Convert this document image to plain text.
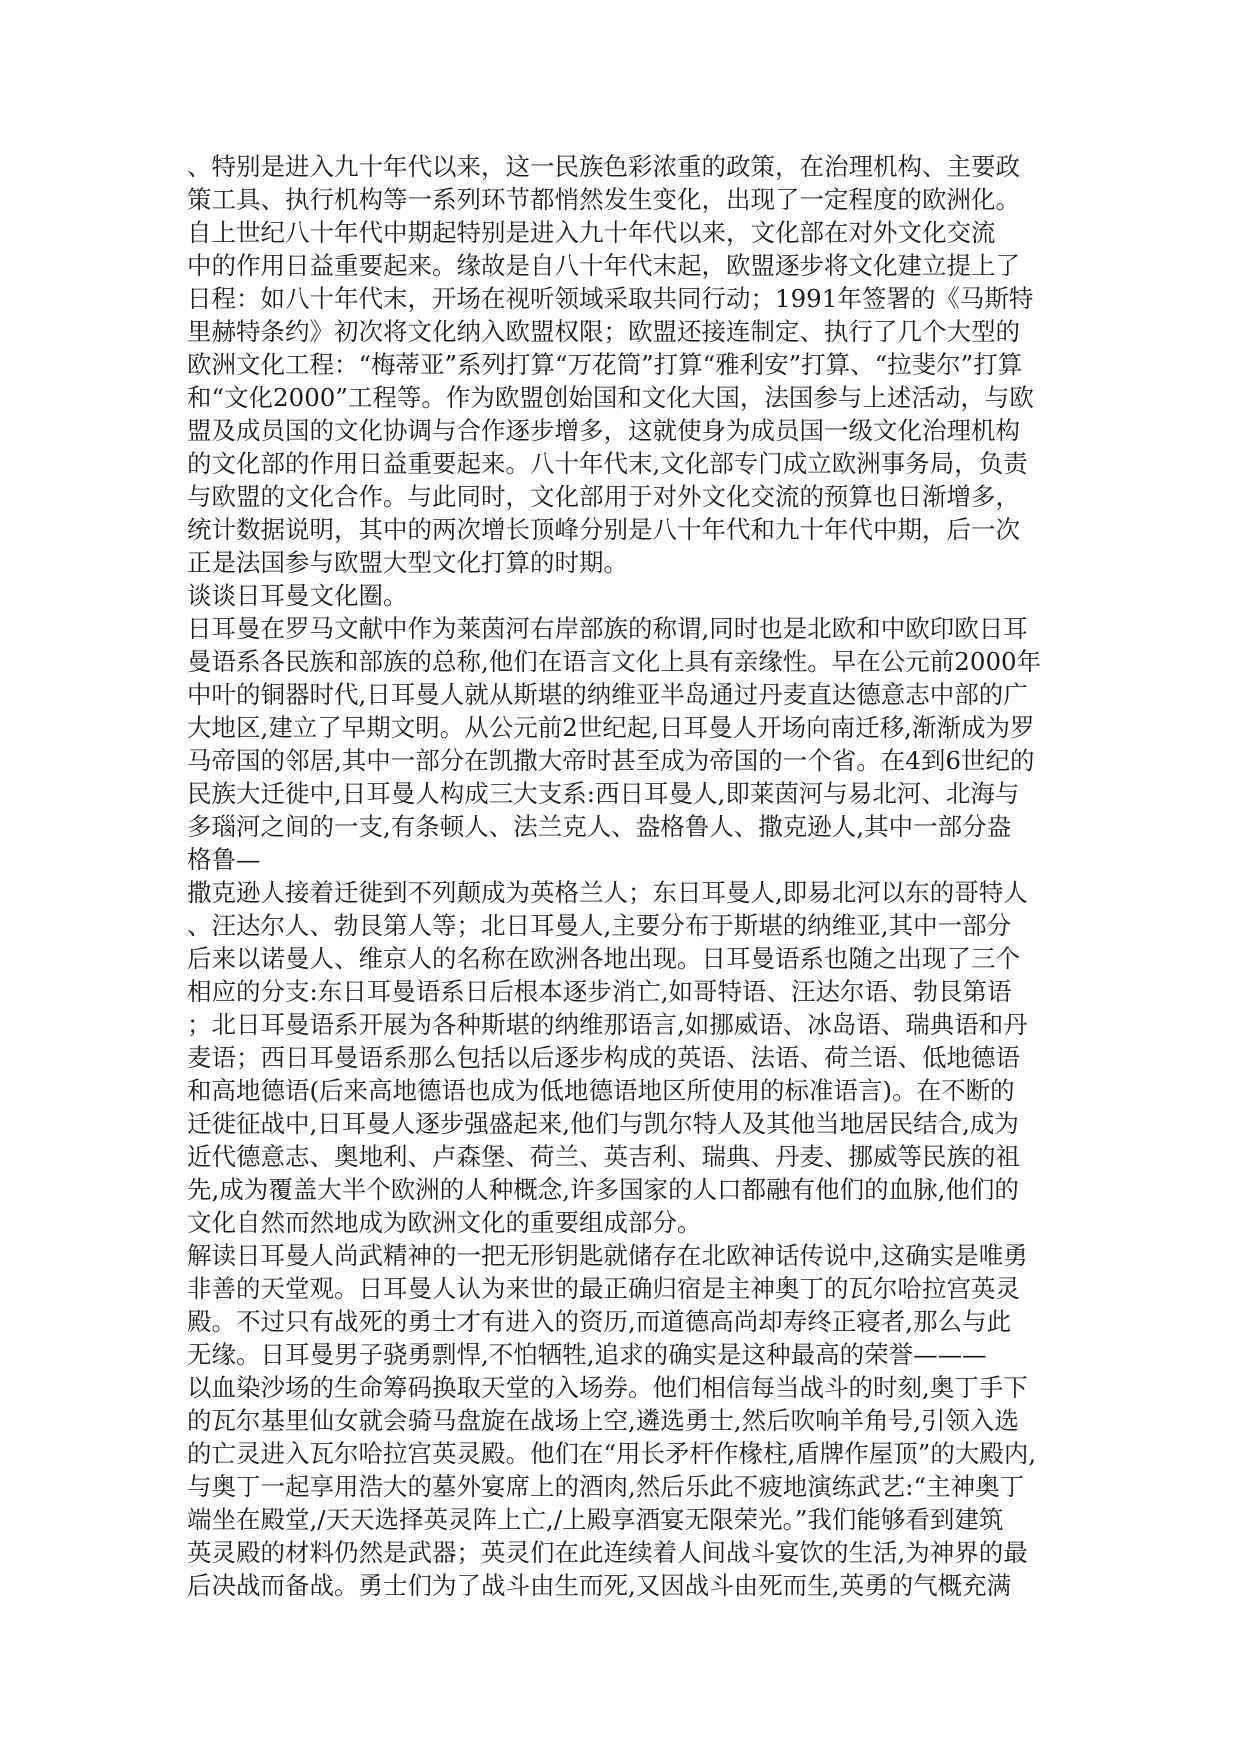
、特别是进入九十年代以来，这一民族色彩浓重的政策，在治理机构、主要政
策工具、执行机构等一系列环节都悄然发生变化，出现了一定程度的欧洲化。
自上世纪八十年代中期起特别是进入九十年代以来，文化部在对外文化交流
中的作用日益重要起来。缘故是自八十年代末起，欧盟逐步将文化建立提上了
日程：如八十年代末，开场在视听领域采取共同行动；1991年签署的《马斯特
里赫特条约》初次将文化纳入欧盟权限；欧盟还接连制定、执行了几个大型的
欧洲文化工程：“梅蒂亚”系列打算“万花筒”打算“雅利安”打算、“拉斐尔”打算
和“文化2000”工程等。作为欧盟创始国和文化大国，法国参与上述活动，与欧
盟及成员国的文化协调与合作逐步增多，这就使身为成员国一级文化治理机构
的文化部的作用日益重要起来。八十年代末,文化部专门成立欧洲事务局，负责
与欧盟的文化合作。与此同时，文化部用于对外文化交流的预算也日渐增多，
统计数据说明，其中的两次增长顶峰分别是八十年代和九十年代中期，后一次
正是法国参与欧盟大型文化打算的时期。
谈谈日耳曼文化圈。
日耳曼在罗马文献中作为莱茵河右岸部族的称谓,同时也是北欧和中欧印欧日耳
曼语系各民族和部族的总称,他们在语言文化上具有亲缘性。早在公元前2000年
中叶的铜器时代,日耳曼人就从斯堪的纳维亚半岛通过丹麦直达德意志中部的广
大地区,建立了早期文明。从公元前2世纪起,日耳曼人开场向南迁移,渐渐成为罗
马帝国的邻居,其中一部分在凯撒大帝时甚至成为帝国的一个省。在4到6世纪的
民族大迁徙中,日耳曼人构成三大支系:西日耳曼人,即莱茵河与易北河、北海与
多瑙河之间的一支,有条顿人、法兰克人、盎格鲁人、撒克逊人,其中一部分盎
格鲁—
撒克逊人接着迁徙到不列颠成为英格兰人；东日耳曼人,即易北河以东的哥特人
、汪达尔人、勃艮第人等；北日耳曼人,主要分布于斯堪的纳维亚,其中一部分
后来以诺曼人、维京人的名称在欧洲各地出现。日耳曼语系也随之出现了三个
相应的分支:东日耳曼语系日后根本逐步消亡,如哥特语、汪达尔语、勃艮第语
；北日耳曼语系开展为各种斯堪的纳维那语言,如挪威语、冰岛语、瑞典语和丹
麦语；西日耳曼语系那么包括以后逐步构成的英语、法语、荷兰语、低地德语
和高地德语(后来高地德语也成为低地德语地区所使用的标准语言)。在不断的
迁徙征战中,日耳曼人逐步强盛起来,他们与凯尔特人及其他当地居民结合,成为
近代德意志、奥地利、卢森堡、荷兰、英吉利、瑞典、丹麦、挪威等民族的祖
先,成为覆盖大半个欧洲的人种概念,许多国家的人口都融有他们的血脉,他们的
文化自然而然地成为欧洲文化的重要组成部分。
解读日耳曼人尚武精神的一把无形钥匙就储存在北欧神话传说中,这确实是唯勇
非善的天堂观。日耳曼人认为来世的最正确归宿是主神奥丁的瓦尔哈拉宫英灵
殿。不过只有战死的勇士才有进入的资历,而道德高尚却寿终正寝者,那么与此
无缘。日耳曼男子骁勇剽悍,不怕牺牲,追求的确实是这种最高的荣誉———
以血染沙场的生命筹码换取天堂的入场券。他们相信每当战斗的时刻,奥丁手下
的瓦尔基里仙女就会骑马盘旋在战场上空,遴选勇士,然后吹响羊角号,引领入选
的亡灵进入瓦尔哈拉宫英灵殿。他们在“用长矛杆作椽柱,盾牌作屋顶”的大殿内,
与奥丁一起享用浩大的墓外宴席上的酒肉,然后乐此不疲地演练武艺:“主神奥丁
端坐在殿堂,/天天选择英灵阵上亡,/上殿享酒宴无限荣光。”我们能够看到建筑
英灵殿的材料仍然是武器；英灵们在此连续着人间战斗宴饮的生活,为神界的最
后决战而备战。勇士们为了战斗由生而死,又因战斗由死而生,英勇的气概充满
